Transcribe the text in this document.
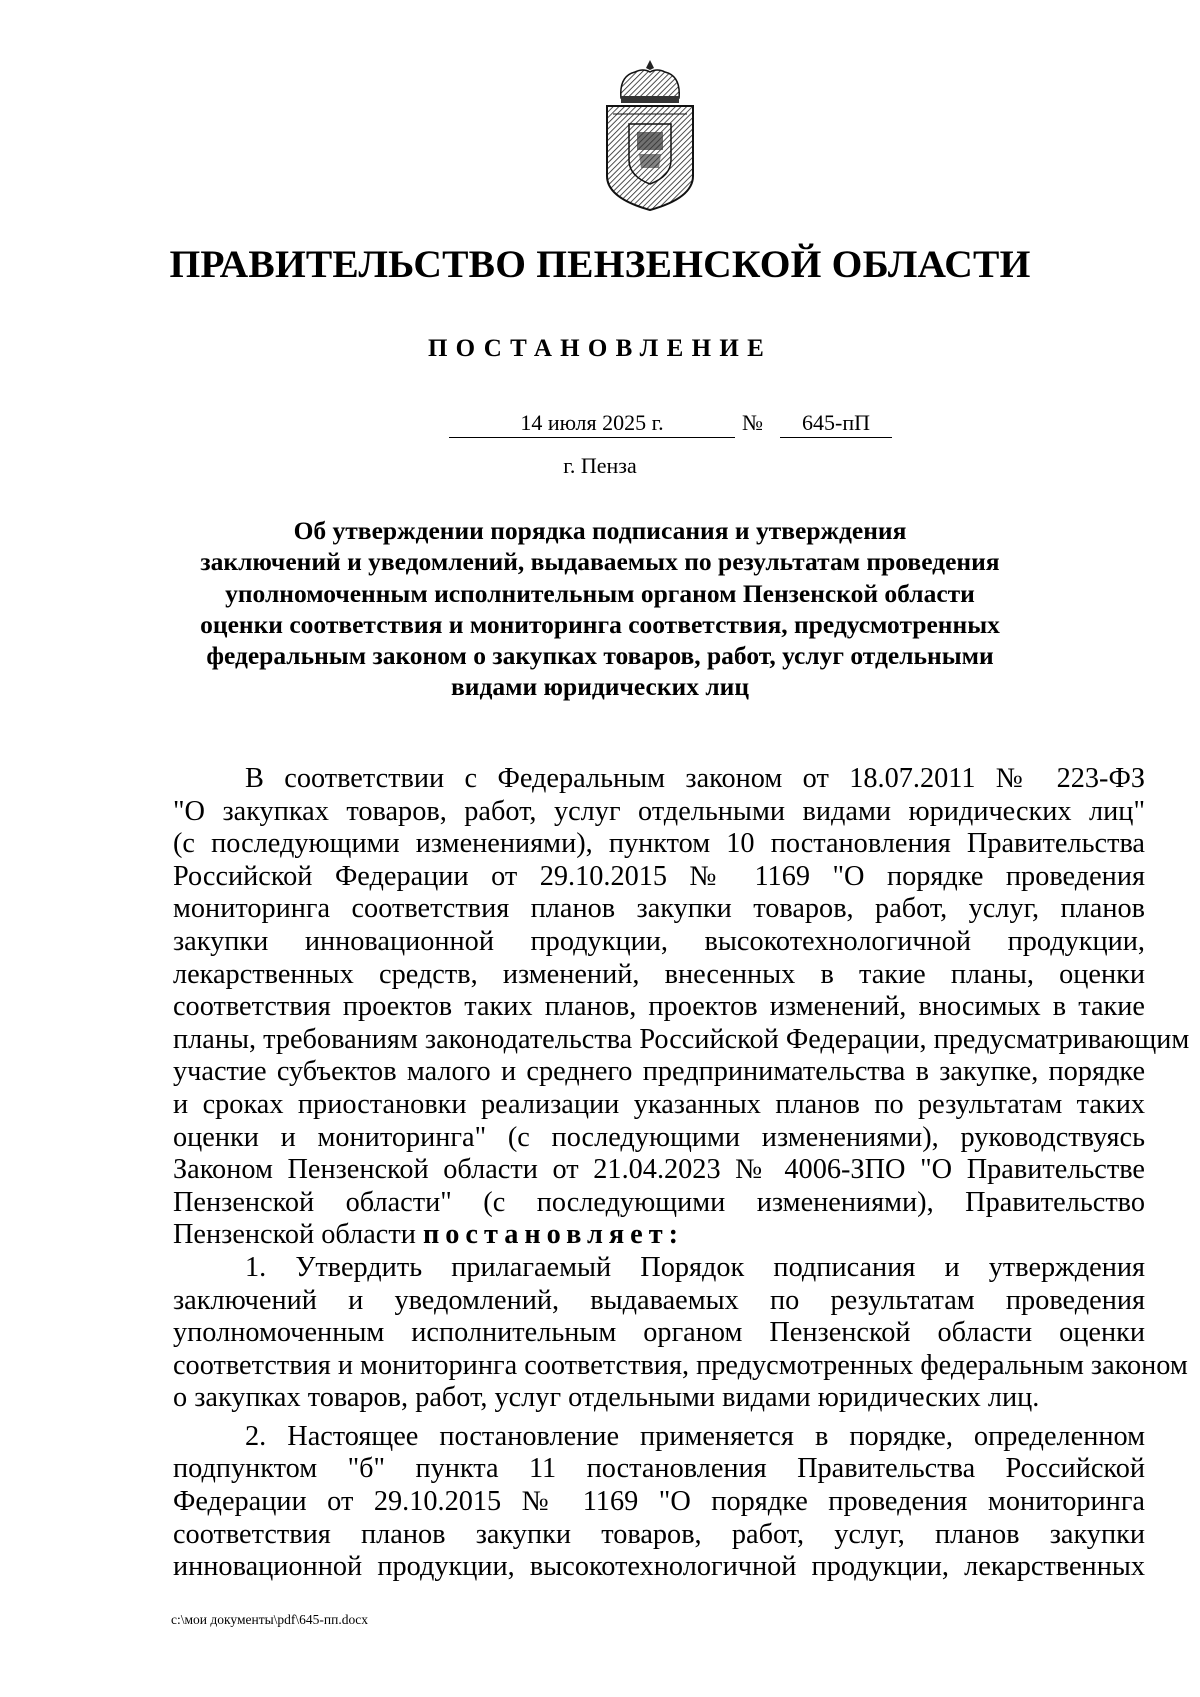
ПРАВИТЕЛЬСТВО ПЕНЗЕНСКОЙ ОБЛАСТИ
ПОСТАНОВЛЕНИЕ
14 июля 2025 г.	№	645-пП
г. Пенза
Об утверждении порядка подписания и утверждения
заключений и уведомлений, выдаваемых по результатам проведения
уполномоченным исполнительным органом Пензенской области
оценки соответствия и мониторинга соответствия, предусмотренных
федеральным законом о закупках товаров, работ, услуг отдельными
видами юридических лиц
В соответствии с Федеральным законом от 18.07.2011 № 223-ФЗ
"О закупках товаров, работ, услуг отдельными видами юридических лиц"
(с последующими изменениями), пунктом 10 постановления Правительства
Российской Федерации от 29.10.2015 № 1169 "О порядке проведения
мониторинга соответствия планов закупки товаров, работ, услуг, планов
закупки инновационной продукции, высокотехнологичной продукции,
лекарственных средств, изменений, внесенных в такие планы, оценки
соответствия проектов таких планов, проектов изменений, вносимых в такие
планы, требованиям законодательства Российской Федерации, предусматривающим
участие субъектов малого и среднего предпринимательства в закупке, порядке
и сроках приостановки реализации указанных планов по результатам таких
оценки и мониторинга" (с последующими изменениями), руководствуясь
Законом Пензенской области от 21.04.2023 № 4006-ЗПО "О Правительстве
Пензенской области" (с последующими изменениями), Правительство
Пензенской области постановляет:
1. Утвердить прилагаемый Порядок подписания и утверждения
заключений и уведомлений, выдаваемых по результатам проведения
уполномоченным исполнительным органом Пензенской области оценки
соответствия и мониторинга соответствия, предусмотренных федеральным законом
о закупках товаров, работ, услуг отдельными видами юридических лиц.
2. Настоящее постановление применяется в порядке, определенном
подпунктом "б" пункта 11 постановления Правительства Российской
Федерации от 29.10.2015 № 1169 "О порядке проведения мониторинга
соответствия планов закупки товаров, работ, услуг, планов закупки
инновационной продукции, высокотехнологичной продукции, лекарственных
c:\мои документы\pdf\645-пп.docx
